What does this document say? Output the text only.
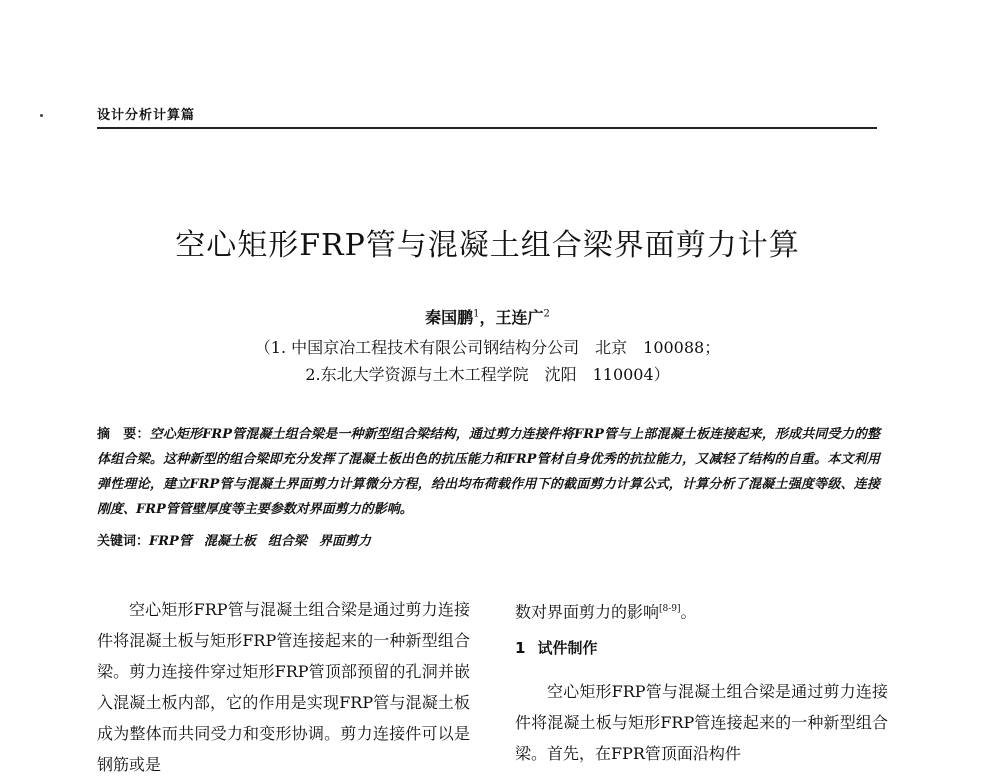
设计分析计算篇
空心矩形FRP管与混凝土组合梁界面剪力计算
秦国鹏$^1$，王连广$^2$
（1. 中国京冶工程技术有限公司钢结构分公司　北京　100088；
2.东北大学资源与土木工程学院　沈阳　110004）
摘　要：空心矩形FRP管混凝土组合梁是一种新型组合梁结构，通过剪力连接件将FRP管与上部混凝土板连接起来，形成共同受力的整体组合梁。这种新型的组合梁即充分发挥了混凝土板出色的抗压能力和FRP管材自身优秀的抗拉能力，又减轻了结构的自重。本文利用弹性理论，建立FRP管与混凝土界面剪力计算微分方程，给出均布荷载作用下的截面剪力计算公式，计算分析了混凝土强度等级、连接刚度、FRP管管壁厚度等主要参数对界面剪力的影响。
关键词：FRP管 混凝土板 组合梁 界面剪力

空心矩形FRP管与混凝土组合梁是通过剪力连接件将混凝土板与矩形FRP管连接起来的一种新型组合梁。剪力连接件穿过矩形FRP管顶部预留的孔洞并嵌入混凝土板内部，它的作用是实现FRP管与混凝土板成为整体而共同受力和变形协调。剪力连接件可以是钢筋或是

数对界面剪力的影响[8-9]。

1 试件制作

空心矩形FRP管与混凝土组合梁是通过剪力连接件将混凝土板与矩形FRP管连接起来的一种新型组合梁。首先，在FPR管顶面沿构件
